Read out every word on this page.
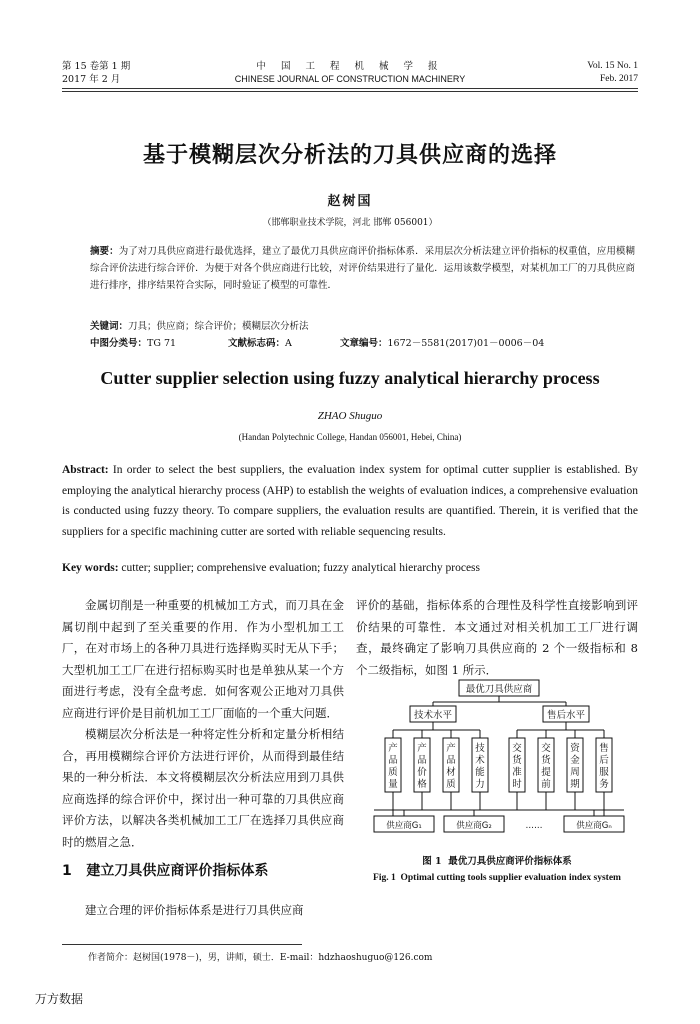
第 15 卷第 1 期
2017 年 2 月
中 国 工 程 机 械 学 报
CHINESE JOURNAL OF CONSTRUCTION MACHINERY
Vol. 15 No. 1
Feb. 2017
基于模糊层次分析法的刀具供应商的选择
赵树国
（邯郸职业技术学院，河北 邯郸 056001）
摘要：为了对刀具供应商进行最优选择，建立了最优刀具供应商评价指标体系．采用层次分析法建立评价指标的权重值，应用模糊综合评价法进行综合评价．为便于对各个供应商进行比较，对评价结果进行了量化．运用该数学模型，对某机加工厂的刀具供应商进行排序，排序结果符合实际，同时验证了模型的可靠性．
关键词：刀具；供应商；综合评价；模糊层次分析法
中图分类号：TG 71	文献标志码：A	文章编号：1672－5581(2017)01－0006－04
Cutter supplier selection using fuzzy analytical hierarchy process
ZHAO Shuguo
(Handan Polytechnic College, Handan 056001, Hebei, China)
Abstract: In order to select the best suppliers, the evaluation index system for optimal cutter supplier is established. By employing the analytical hierarchy process (AHP) to establish the weights of evaluation indices, a comprehensive evaluation is conducted using fuzzy theory. To compare suppliers, the evaluation results are quantified. Therein, it is verified that the suppliers for a specific machining cutter are sorted with reliable sequencing results.
Key words: cutter; supplier; comprehensive evaluation; fuzzy analytical hierarchy process

金属切削是一种重要的机械加工方式，而刀具在金属切削中起到了至关重要的作用．作为小型机加工工厂，在对市场上的各种刀具进行选择购买时无从下手；大型机加工工厂在进行招标购买时也是单独从某一个方面进行考虑，没有全盘考虑．如何客观公正地对刀具供应商进行评价是目前机加工工厂面临的一个重大问题．

模糊层次分析法是一种将定性分析和定量分析相结合，再用模糊综合评价方法进行评价，从而得到最佳结果的一种分析法．本文将模糊层次分析法应用到刀具供应商选择的综合评价中，探讨出一种可靠的刀具供应商评价方法，以解决各类机械加工工厂在选择刀具供应商时的燃眉之急．

评价的基础，指标体系的合理性及科学性直接影响到评价结果的可靠性．本文通过对相关机加工工厂进行调查，最终确定了影响刀具供应商的 2 个一级指标和 8 个二级指标，如图 1 所示．

1 建立刀具供应商评价指标体系
建立合理的评价指标体系是进行刀具供应商
最优刀具供应商
技术水平	售后水平
供应商G₁	供应商G₂	……	供应商Gₙ
产品质量
产品价格
产品材质
技术能力
交货准时
交货提前
资金周期
售后服务
图 1 最优刀具供应商评价指标体系
Fig. 1 Optimal cutting tools supplier evaluation index system
作者简介：赵树国(1978－)，男，讲师，硕士．E-mail：hdzhaoshuguo@126.com
万方数据
